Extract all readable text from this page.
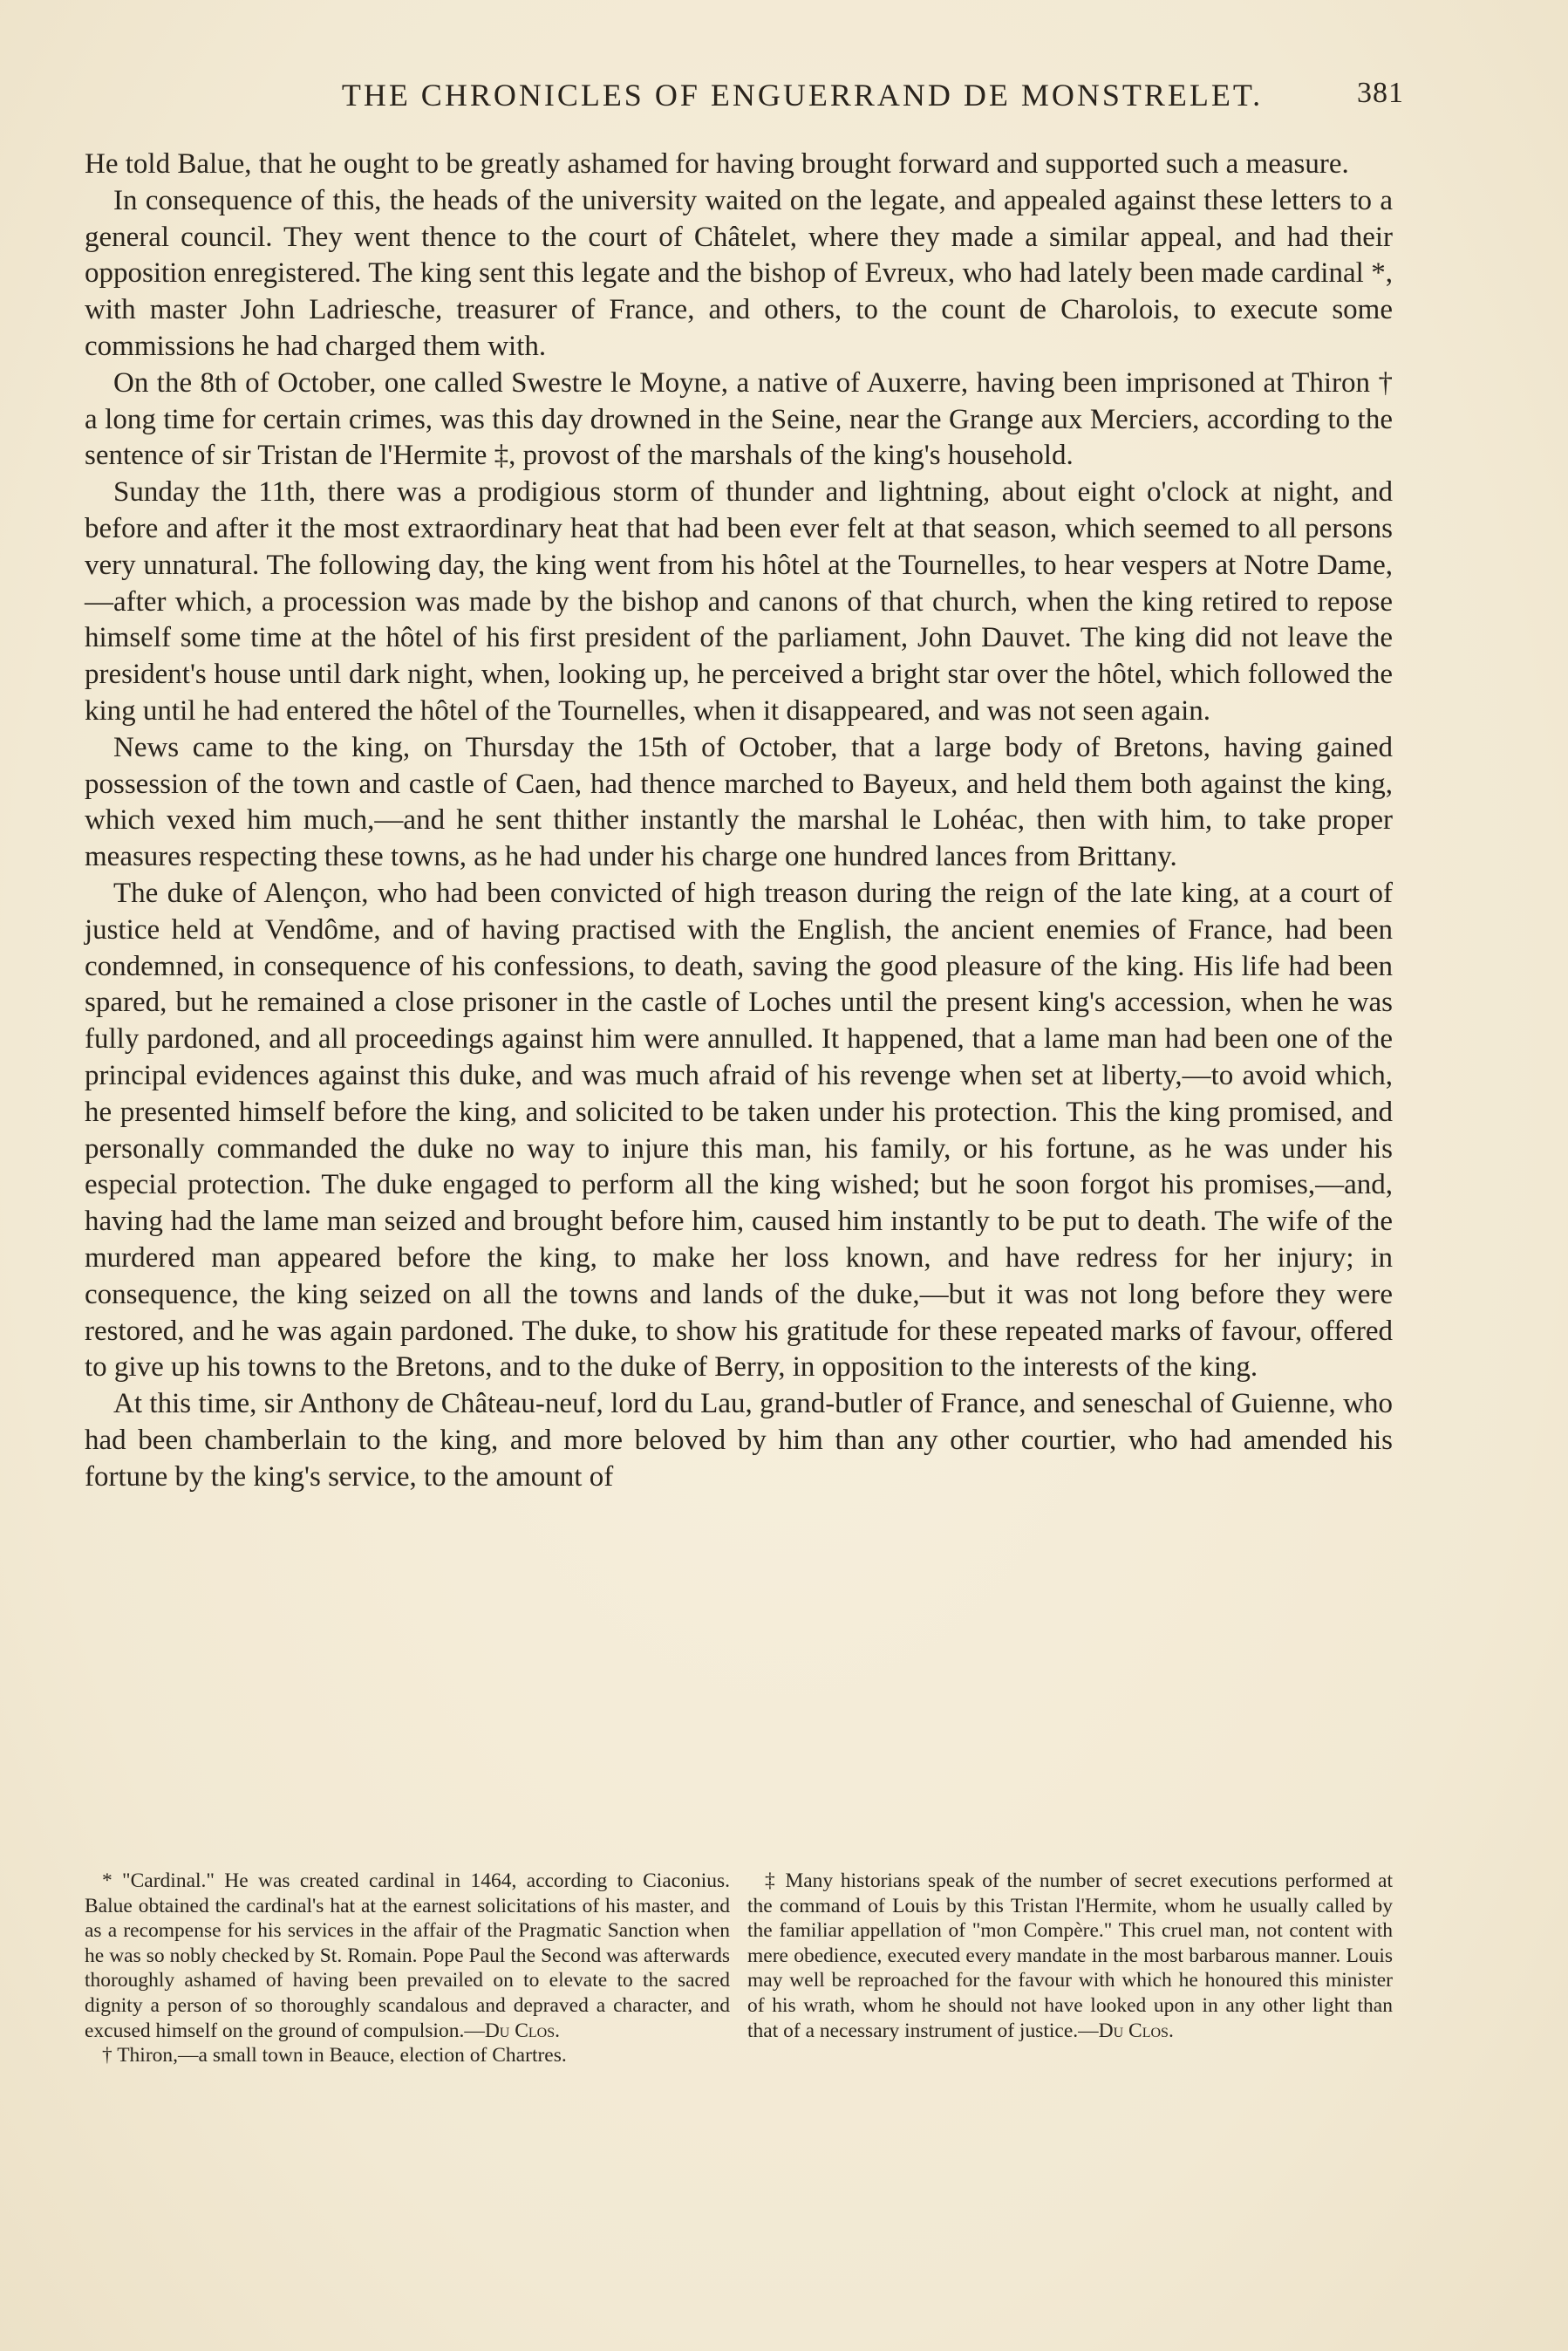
THE CHRONICLES OF ENGUERRAND DE MONSTRELET.	381

He told Balue, that he ought to be greatly ashamed for having brought forward and supported such a measure.

In consequence of this, the heads of the university waited on the legate, and appealed against these letters to a general council. They went thence to the court of Châtelet, where they made a similar appeal, and had their opposition enregistered. The king sent this legate and the bishop of Evreux, who had lately been made cardinal *, with master John Ladriesche, treasurer of France, and others, to the count de Charolois, to execute some commissions he had charged them with.

On the 8th of October, one called Swestre le Moyne, a native of Auxerre, having been imprisoned at Thiron † a long time for certain crimes, was this day drowned in the Seine, near the Grange aux Merciers, according to the sentence of sir Tristan de l'Hermite ‡, provost of the marshals of the king's household.

Sunday the 11th, there was a prodigious storm of thunder and lightning, about eight o'clock at night, and before and after it the most extraordinary heat that had been ever felt at that season, which seemed to all persons very unnatural. The following day, the king went from his hôtel at the Tournelles, to hear vespers at Notre Dame,—after which, a procession was made by the bishop and canons of that church, when the king retired to repose himself some time at the hôtel of his first president of the parliament, John Dauvet. The king did not leave the president's house until dark night, when, looking up, he perceived a bright star over the hôtel, which followed the king until he had entered the hôtel of the Tournelles, when it disappeared, and was not seen again.

News came to the king, on Thursday the 15th of October, that a large body of Bretons, having gained possession of the town and castle of Caen, had thence marched to Bayeux, and held them both against the king, which vexed him much,—and he sent thither instantly the marshal le Lohéac, then with him, to take proper measures respecting these towns, as he had under his charge one hundred lances from Brittany.

The duke of Alençon, who had been convicted of high treason during the reign of the late king, at a court of justice held at Vendôme, and of having practised with the English, the ancient enemies of France, had been condemned, in consequence of his confessions, to death, saving the good pleasure of the king. His life had been spared, but he remained a close prisoner in the castle of Loches until the present king's accession, when he was fully pardoned, and all proceedings against him were annulled. It happened, that a lame man had been one of the principal evidences against this duke, and was much afraid of his revenge when set at liberty,—to avoid which, he presented himself before the king, and solicited to be taken under his protection. This the king promised, and personally commanded the duke no way to injure this man, his family, or his fortune, as he was under his especial protection. The duke engaged to perform all the king wished; but he soon forgot his promises,—and, having had the lame man seized and brought before him, caused him instantly to be put to death. The wife of the murdered man appeared before the king, to make her loss known, and have redress for her injury; in consequence, the king seized on all the towns and lands of the duke,—but it was not long before they were restored, and he was again pardoned. The duke, to show his gratitude for these repeated marks of favour, offered to give up his towns to the Bretons, and to the duke of Berry, in opposition to the interests of the king.

At this time, sir Anthony de Château-neuf, lord du Lau, grand-butler of France, and seneschal of Guienne, who had been chamberlain to the king, and more beloved by him than any other courtier, who had amended his fortune by the king's service, to the amount of

* "Cardinal." He was created cardinal in 1464, according to Ciaconius. Balue obtained the cardinal's hat at the earnest solicitations of his master, and as a recompense for his services in the affair of the Pragmatic Sanction when he was so nobly checked by St. Romain. Pope Paul the Second was afterwards thoroughly ashamed of having been prevailed on to elevate to the sacred dignity a person of so thoroughly scandalous and depraved a character, and excused himself on the ground of compulsion.—Du Clos.

† Thiron,—a small town in Beauce, election of Chartres.

‡ Many historians speak of the number of secret executions performed at the command of Louis by this Tristan l'Hermite, whom he usually called by the familiar appellation of "mon Compère." This cruel man, not content with mere obedience, executed every mandate in the most barbarous manner. Louis may well be reproached for the favour with which he honoured this minister of his wrath, whom he should not have looked upon in any other light than that of a necessary instrument of justice.—Du Clos.
